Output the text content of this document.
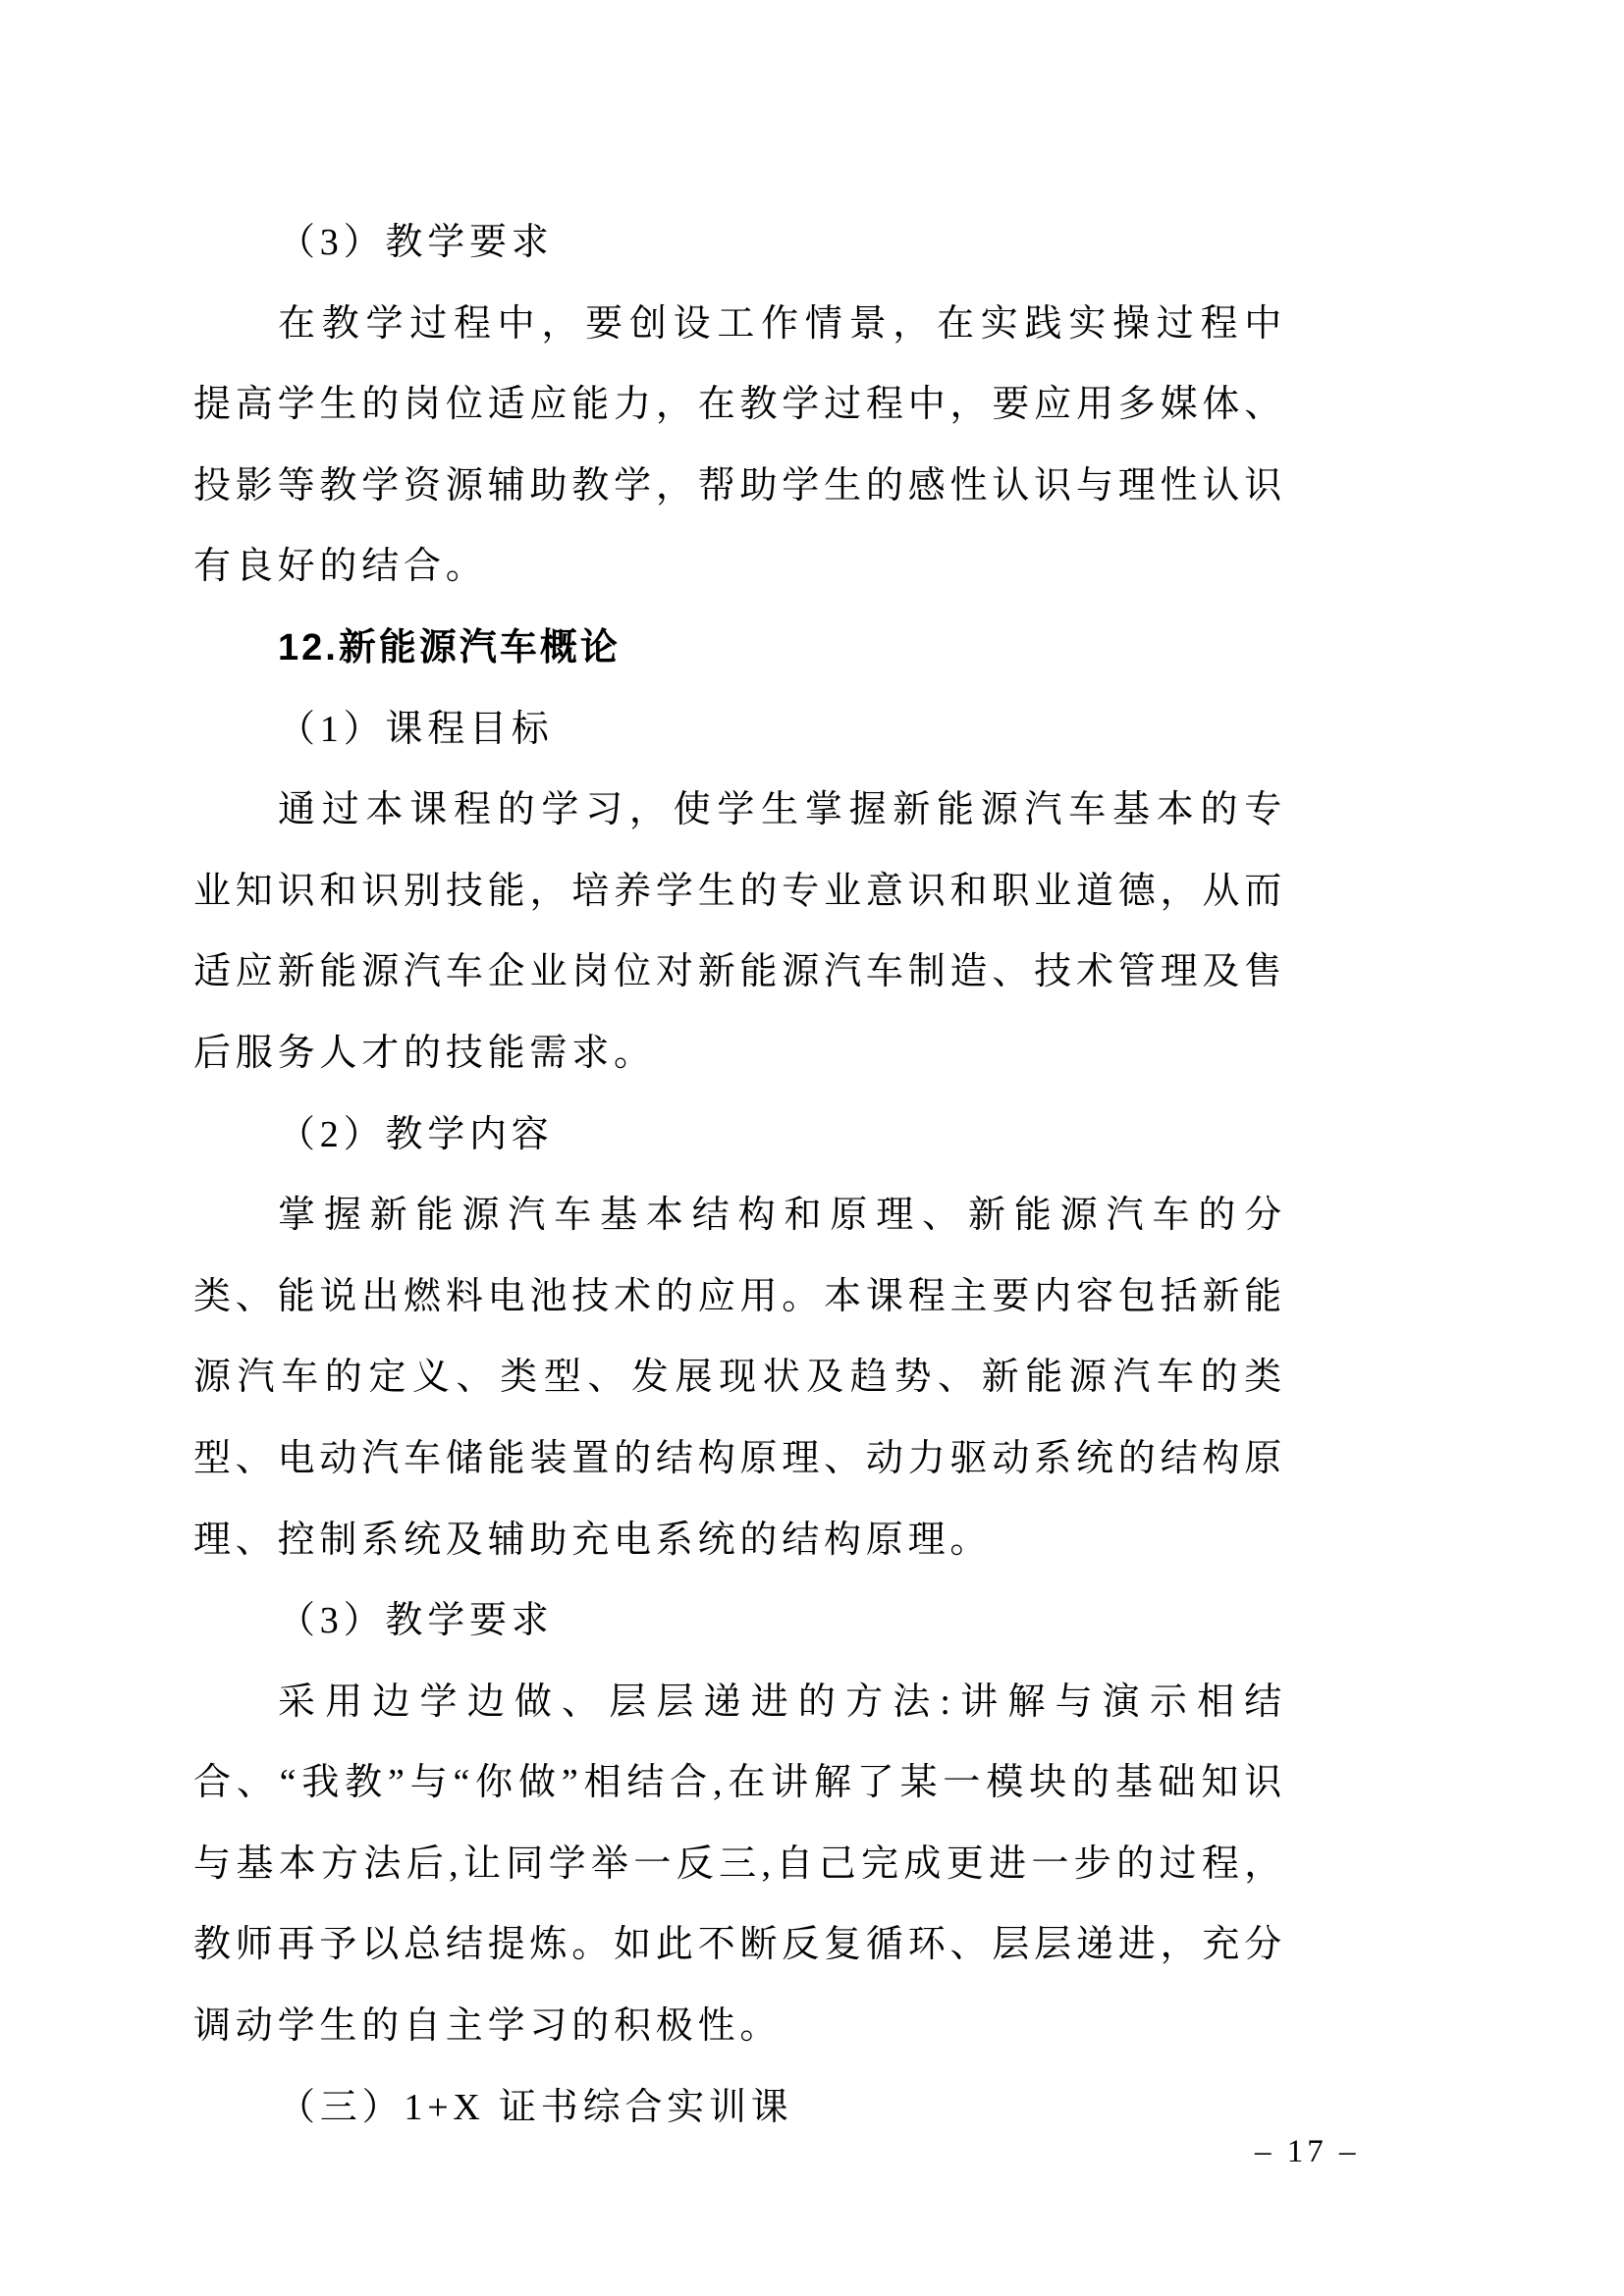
（3）教学要求

在教学过程中，要创设工作情景，在实践实操过程中提高学生的岗位适应能力，在教学过程中，要应用多媒体、投影等教学资源辅助教学，帮助学生的感性认识与理性认识有良好的结合。

12.新能源汽车概论

（1）课程目标

通过本课程的学习，使学生掌握新能源汽车基本的专业知识和识别技能，培养学生的专业意识和职业道德，从而适应新能源汽车企业岗位对新能源汽车制造、技术管理及售后服务人才的技能需求。

（2）教学内容

掌握新能源汽车基本结构和原理、新能源汽车的分类、能说出燃料电池技术的应用。本课程主要内容包括新能源汽车的定义、类型、发展现状及趋势、新能源汽车的类型、电动汽车储能装置的结构原理、动力驱动系统的结构原理、控制系统及辅助充电系统的结构原理。

（3）教学要求

采用边学边做、层层递进的方法:讲解与演示相结合、“我教”与“你做”相结合,在讲解了某一模块的基础知识与基本方法后,让同学举一反三,自己完成更进一步的过程，教师再予以总结提炼。如此不断反复循环、层层递进，充分调动学生的自主学习的积极性。

（三）1+X 证书综合实训课

– 17 –
